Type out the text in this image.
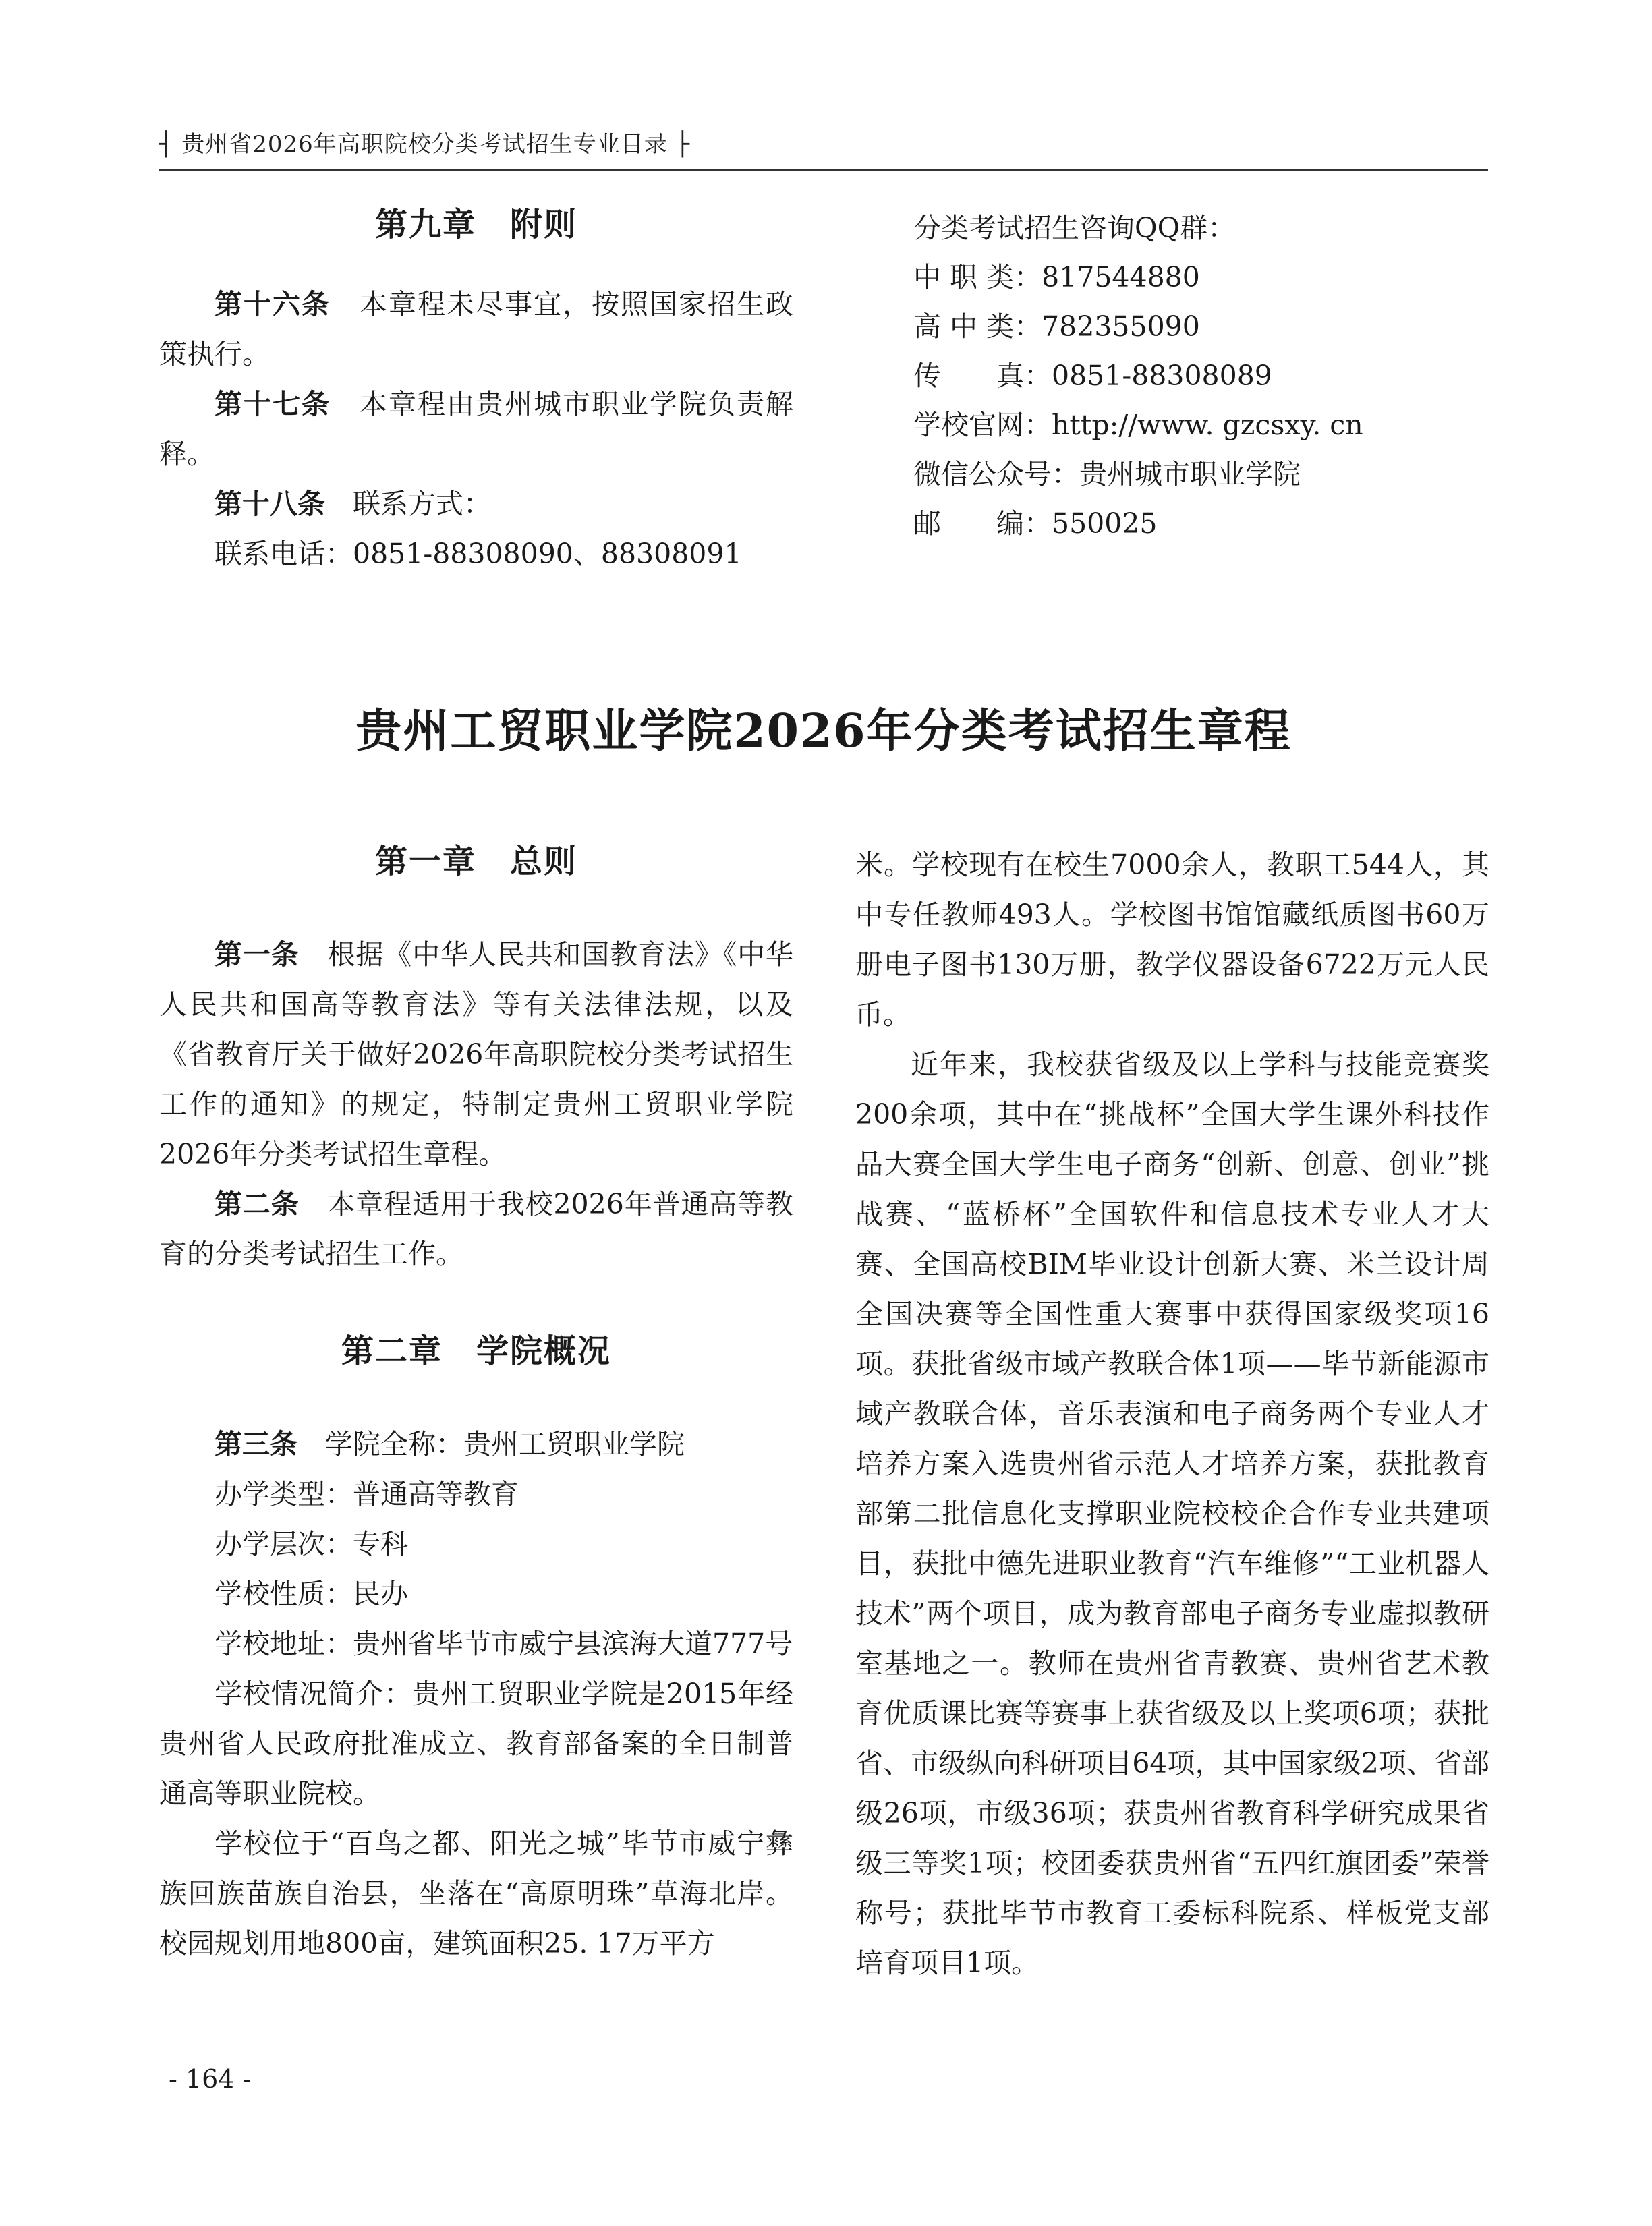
┤ 贵州省2026年高职院校分类考试招生专业目录 ├
第九章　附则

第十六条　 本章程未尽事宜，按照国家招生政策执行。

第十七条　 本章程由贵州城市职业学院负责解释。

第十八条　 联系方式：

联系电话：0851-88308090、88308091

分类考试招生咨询QQ群：

中 职 类：817544880

高 中 类：782355090

传　　真：0851-88308089

学校官网：http://www. gzcsxy. cn

微信公众号：贵州城市职业学院

邮　　编：550025

贵州工贸职业学院2026年分类考试招生章程
第一章　总则

第一条　 根据《中华人民共和国教育法》《中华人民共和国高等教育法》等有关法律法规，以及《省教育厅关于做好2026年高职院校分类考试招生工作的通知》的规定，特制定贵州工贸职业学院2026年分类考试招生章程。

第二条　 本章程适用于我校2026年普通高等教育的分类考试招生工作。

第二章　学院概况

第三条　 学院全称：贵州工贸职业学院

办学类型：普通高等教育

办学层次：专科

学校性质：民办

学校地址：贵州省毕节市威宁县滨海大道777号

学校情况简介：贵州工贸职业学院是2015年经贵州省人民政府批准成立、教育部备案的全日制普通高等职业院校。

学校位于“百鸟之都、阳光之城”毕节市威宁彝族回族苗族自治县，坐落在“高原明珠”草海北岸。校园规划用地800亩，建筑面积25. 17万平方

米。学校现有在校生7000余人，教职工544人，其中专任教师493人。学校图书馆馆藏纸质图书60万册电子图书130万册，教学仪器设备6722万元人民币。

近年来，我校获省级及以上学科与技能竞赛奖200余项，其中在“挑战杯”全国大学生课外科技作品大赛全国大学生电子商务“创新、创意、创业”挑战赛、“蓝桥杯”全国软件和信息技术专业人才大赛、全国高校BIM毕业设计创新大赛、米兰设计周全国决赛等全国性重大赛事中获得国家级奖项16项。获批省级市域产教联合体1项——毕节新能源市域产教联合体，音乐表演和电子商务两个专业人才培养方案入选贵州省示范人才培养方案，获批教育部第二批信息化支撑职业院校校企合作专业共建项目，获批中德先进职业教育“汽车维修”“工业机器人技术”两个项目，成为教育部电子商务专业虚拟教研室基地之一。教师在贵州省青教赛、贵州省艺术教育优质课比赛等赛事上获省级及以上奖项6项；获批省、市级纵向科研项目64项，其中国家级2项、省部级26项，市级36项；获贵州省教育科学研究成果省级三等奖1项；校团委获贵州省“五四红旗团委”荣誉称号；获批毕节市教育工委标科院系、样板党支部培育项目1项。

- 164 -
